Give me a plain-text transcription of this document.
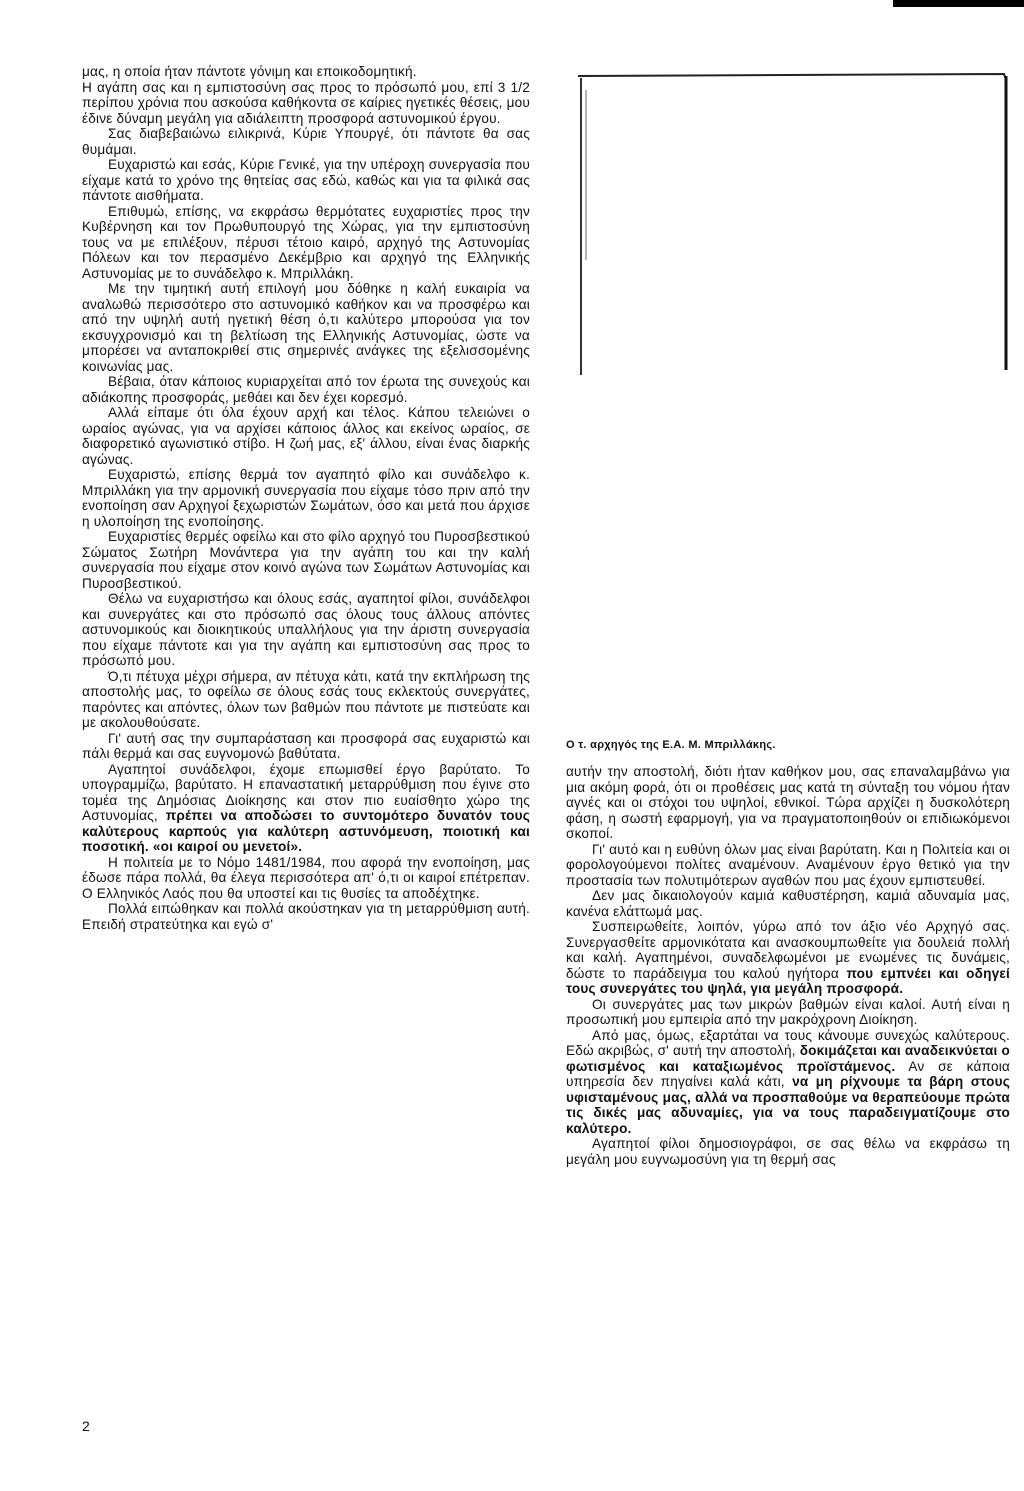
μας, η οποία ήταν πάντοτε γόνιμη και εποικοδομητική.

Η αγάπη σας και η εμπιστοσύνη σας προς το πρόσωπό μου, επί 3 1/2 περίπου χρόνια που ασκούσα καθήκοντα σε καίριες ηγετικές θέσεις, μου έδινε δύναμη μεγάλη για αδιάλειπτη προσφορά αστυνομικού έργου.

Σας διαβεβαιώνω ειλικρινά, Κύριε Υπουργέ, ότι πάντοτε θα σας θυμάμαι.

Ευχαριστώ και εσάς, Κύριε Γενικέ, για την υπέροχη συνεργασία που είχαμε κατά το χρόνο της θητείας σας εδώ, καθώς και για τα φιλικά σας πάντοτε αισθήματα.

Επιθυμώ, επίσης, να εκφράσω θερμότατες ευχαριστίες προς την Κυβέρνηση και τον Πρωθυπουργό της Χώρας, για την εμπιστοσύνη τους να με επιλέξουν, πέρυσι τέτοιο καιρό, αρχηγό της Αστυνομίας Πόλεων και τον περασμένο Δεκέμβριο και αρχηγό της Ελληνικής Αστυνομίας με το συνάδελφο κ. Μπριλλάκη.

Με την τιμητική αυτή επιλογή μου δόθηκε η καλή ευκαιρία να αναλωθώ περισσότερο στο αστυνομικό καθήκον και να προσφέρω και από την υψηλή αυτή ηγετική θέση ό,τι καλύτερο μπορούσα για τον εκσυγχρονισμό και τη βελτίωση της Ελληνικής Αστυνομίας, ώστε να μπορέσει να ανταποκριθεί στις σημερινές ανάγκες της εξελισσομένης κοινωνίας μας.

Βέβαια, όταν κάποιος κυριαρχείται από τον έρωτα της συνεχούς και αδιάκοπης προσφοράς, μεθάει και δεν έχει κορεσμό.

Αλλά είπαμε ότι όλα έχουν αρχή και τέλος. Κάπου τελειώνει ο ωραίος αγώνας, για να αρχίσει κάποιος άλλος και εκείνος ωραίος, σε διαφορετικό αγωνιστικό στίβο. Η ζωή μας, εξ' άλλου, είναι ένας διαρκής αγώνας.

Ευχαριστώ, επίσης θερμά τον αγαπητό φίλο και συνάδελφο κ. Μπριλλάκη για την αρμονική συνεργασία που είχαμε τόσο πριν από την ενοποίηση σαν Αρχηγοί ξεχωριστών Σωμάτων, όσο και μετά που άρχισε η υλοποίηση της ενοποίησης.

Ευχαριστίες θερμές οφείλω και στο φίλο αρχηγό του Πυροσβεστικού Σώματος Σωτήρη Μονάντερα για την αγάπη του και την καλή συνεργασία που είχαμε στον κοινό αγώνα των Σωμάτων Αστυνομίας και Πυροσβεστικού.

Θέλω να ευχαριστήσω και όλους εσάς, αγαπητοί φίλοι, συνάδελφοι και συνεργάτες και στο πρόσωπό σας όλους τους άλλους απόντες αστυνομικούς και διοικητικούς υπαλλήλους για την άριστη συνεργασία που είχαμε πάντοτε και για την αγάπη και εμπιστοσύνη σας προς το πρόσωπό μου.

Ό,τι πέτυχα μέχρι σήμερα, αν πέτυχα κάτι, κατά την εκπλήρωση της αποστολής μας, το οφείλω σε όλους εσάς τους εκλεκτούς συνεργάτες, παρόντες και απόντες, όλων των βαθμών που πάντοτε με πιστεύατε και με ακολουθούσατε.

Γι' αυτή σας την συμπαράσταση και προσφορά σας ευχαριστώ και πάλι θερμά και σας ευγνομονώ βαθύτατα.

Αγαπητοί συνάδελφοι, έχομε επωμισθεί έργο βαρύτατο. Το υπογραμμίζω, βαρύτατο. Η επαναστατική μεταρρύθμιση που έγινε στο τομέα της Δημόσιας Διοίκησης και στον πιο ευαίσθητο χώρο της Αστυνομίας, πρέπει να αποδώσει το συντομότερο δυνατόν τους καλύτερους καρπούς για καλύτερη αστυνόμευση, ποιοτική και ποσοτική. «οι καιροί ου μενετοί».

Η πολιτεία με το Νόμο 1481/1984, που αφορά την ενοποίηση, μας έδωσε πάρα πολλά, θα έλεγα περισσότερα απ' ό,τι οι καιροί επέτρεπαν. Ο Ελληνικός Λαός που θα υποστεί και τις θυσίες τα αποδέχτηκε.

Πολλά ειπώθηκαν και πολλά ακούστηκαν για τη μεταρρύθμιση αυτή. Επειδή στρατεύτηκα και εγώ σ'

Ο τ. αρχηγός της Ε.Α. Μ. Μπριλλάκης.

αυτήν την αποστολή, διότι ήταν καθήκον μου, σας επαναλαμβάνω για μια ακόμη φορά, ότι οι προθέσεις μας κατά τη σύνταξη του νόμου ήταν αγνές και οι στόχοι του υψηλοί, εθνικοί. Τώρα αρχίζει η δυσκολότερη φάση, η σωστή εφαρμογή, για να πραγματοποιηθούν οι επιδιωκόμενοι σκοποί.

Γι' αυτό και η ευθύνη όλων μας είναι βαρύτατη. Και η Πολιτεία και οι φορολογούμενοι πολίτες αναμένουν. Αναμένουν έργο θετικό για την προστασία των πολυτιμότερων αγαθών που μας έχουν εμπιστευθεί.

Δεν μας δικαιολογούν καμιά καθυστέρηση, καμιά αδυναμία μας, κανένα ελάττωμά μας.

Συσπειρωθείτε, λοιπόν, γύρω από τον άξιο νέο Αρχηγό σας. Συνεργασθείτε αρμονικότατα και ανασκουμπωθείτε για δουλειά πολλή και καλή. Αγαπημένοι, συναδελφωμένοι με ενωμένες τις δυνάμεις, δώστε το παράδειγμα του καλού ηγήτορα που εμπνέει και οδηγεί τους συνεργάτες του ψηλά, για μεγάλη προσφορά.

Οι συνεργάτες μας των μικρών βαθμών είναι καλοί. Αυτή είναι η προσωπική μου εμπειρία από την μακρόχρονη Διοίκηση.

Από μας, όμως, εξαρτάται να τους κάνουμε συνεχώς καλύτερους. Εδώ ακριβώς, σ' αυτή την αποστολή, δοκιμάζεται και αναδεικνύεται ο φωτισμένος και καταξιωμένος προϊστάμενος. Αν σε κάποια υπηρεσία δεν πηγαίνει καλά κάτι, να μη ρίχνουμε τα βάρη στους υφισταμένους μας, αλλά να προσπαθούμε να θεραπεύουμε πρώτα τις δικές μας αδυναμίες, για να τους παραδειγματίζουμε στο καλύτερο.

Αγαπητοί φίλοι δημοσιογράφοι, σε σας θέλω να εκφράσω τη μεγάλη μου ευγνωμοσύνη για τη θερμή σας

2
